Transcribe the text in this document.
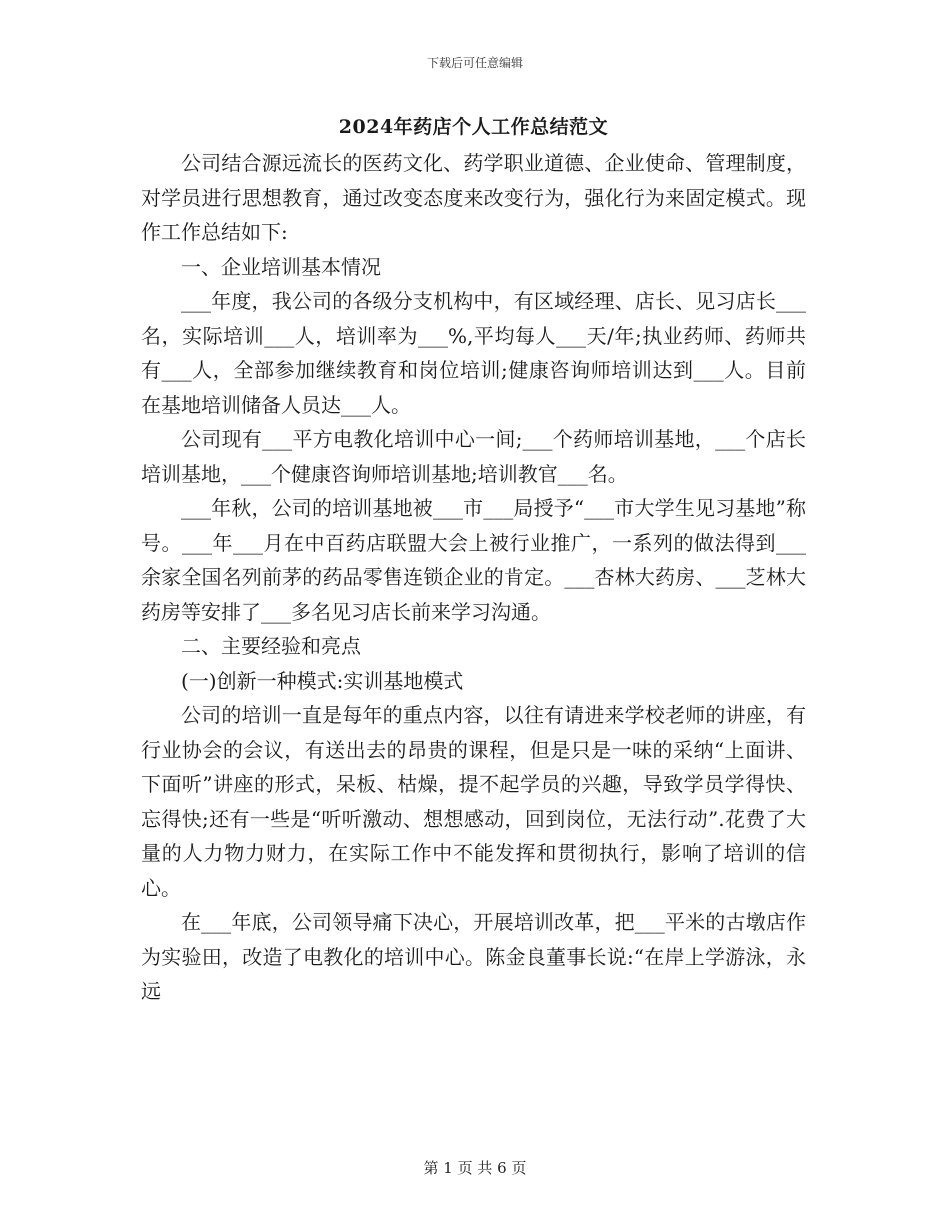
下载后可任意编辑
2024年药店个人工作总结范文

公司结合源远流长的医药文化、药学职业道德、企业使命、管理制度，对学员进行思想教育，通过改变态度来改变行为，强化行为来固定模式。现作工作总结如下:

一、企业培训基本情况

___年度，我公司的各级分支机构中，有区域经理、店长、见习店长___名，实际培训___人，培训率为___%,平均每人___天/年;执业药师、药师共有___人，全部参加继续教育和岗位培训;健康咨询师培训达到___人。目前在基地培训储备人员达___人。

公司现有___平方电教化培训中心一间;___个药师培训基地，___个店长培训基地，___个健康咨询师培训基地;培训教官___名。

___年秋，公司的培训基地被___市___局授予“___市大学生见习基地”称号。___年___月在中百药店联盟大会上被行业推广，一系列的做法得到___余家全国名列前茅的药品零售连锁企业的肯定。___杏林大药房、___芝林大药房等安排了___多名见习店长前来学习沟通。

二、主要经验和亮点

(一)创新一种模式:实训基地模式

公司的培训一直是每年的重点内容，以往有请进来学校老师的讲座，有行业协会的会议，有送出去的昂贵的课程，但是只是一味的采纳“上面讲、下面听”讲座的形式，呆板、枯燥，提不起学员的兴趣，导致学员学得快、忘得快;还有一些是“听听激动、想想感动，回到岗位，无法行动”.花费了大量的人力物力财力，在实际工作中不能发挥和贯彻执行，影响了培训的信心。

在___年底，公司领导痛下决心，开展培训改革，把___平米的古墩店作为实验田，改造了电教化的培训中心。陈金良董事长说:“在岸上学游泳，永远

第 1 页 共 6 页
